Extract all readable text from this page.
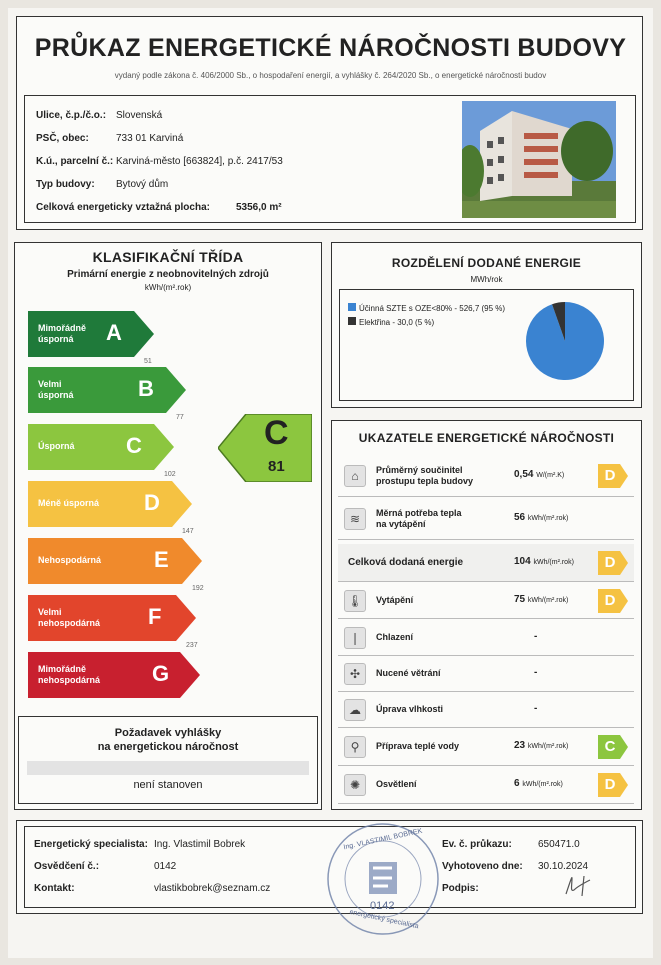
PRŮKAZ ENERGETICKÉ NÁROČNOSTI BUDOVY
vydaný podle zákona č. 406/2000 Sb., o hospodaření energií, a vyhlášky č. 264/2020 Sb., o energetické náročnosti budov
Ulice, č.p./č.o.: Slovenská
PSČ, obec:	733 01 Karviná
K.ú., parcelní č.: Karviná-město [663824], p.č. 2417/53
Typ budovy: Bytový dům
Celková energeticky vztažná plocha:	5356,0 m²
KLASIFIKAČNÍ TŘÍDA
Primární energie z neobnovitelných zdrojů
kWh/(m².rok)
Mimořádně
úsporná	A
Velmi
úsporná	B
Úsporná C
Méně úsporná D
Nehospodárná E
Velmi
nehospodárná F
Mimořádně
nehospodárná G
51
77
102
147
192
237
C
81
Požadavek vyhlášky
na energetickou náročnost
není stanoven
ROZDĚLENÍ DODANÉ ENERGIE
MWh/rok
Účinná SZTE s OZE<80% - 526,7 (95 %)
Elektřina - 30,0 (5 %)
UKAZATELE ENERGETICKÉ NÁROČNOSTI
⌂	Průměrný součinitel
prostupu tepla budovy
0,54 W/(m².K)	D
≋	Měrná potřeba tepla
na vytápění
56 kWh/(m².rok)
Celková dodaná energie	104 kWh/(m².rok)	D
🌡	Vytápění	75 kWh/(m².rok)	D
❘	Chlazení	-
✣	Nucené větrání	-
☁	Úprava vlhkosti	-
⚲	Příprava teplé vody	23 kWh/(m².rok)	C
✺	Osvětlení	6 kWh/(m².rok)	D
Energetický specialista: Ing. Vlastimil Bobrek
Osvědčení č.:	0142
Kontakt:	vlastikbobrek@seznam.cz
Ev. č. průkazu:	650471.0
Vyhotoveno dne: 30.10.2024
Podpis:
Ing. VLASTIMIL BOBREK
0142
energetický specialista
